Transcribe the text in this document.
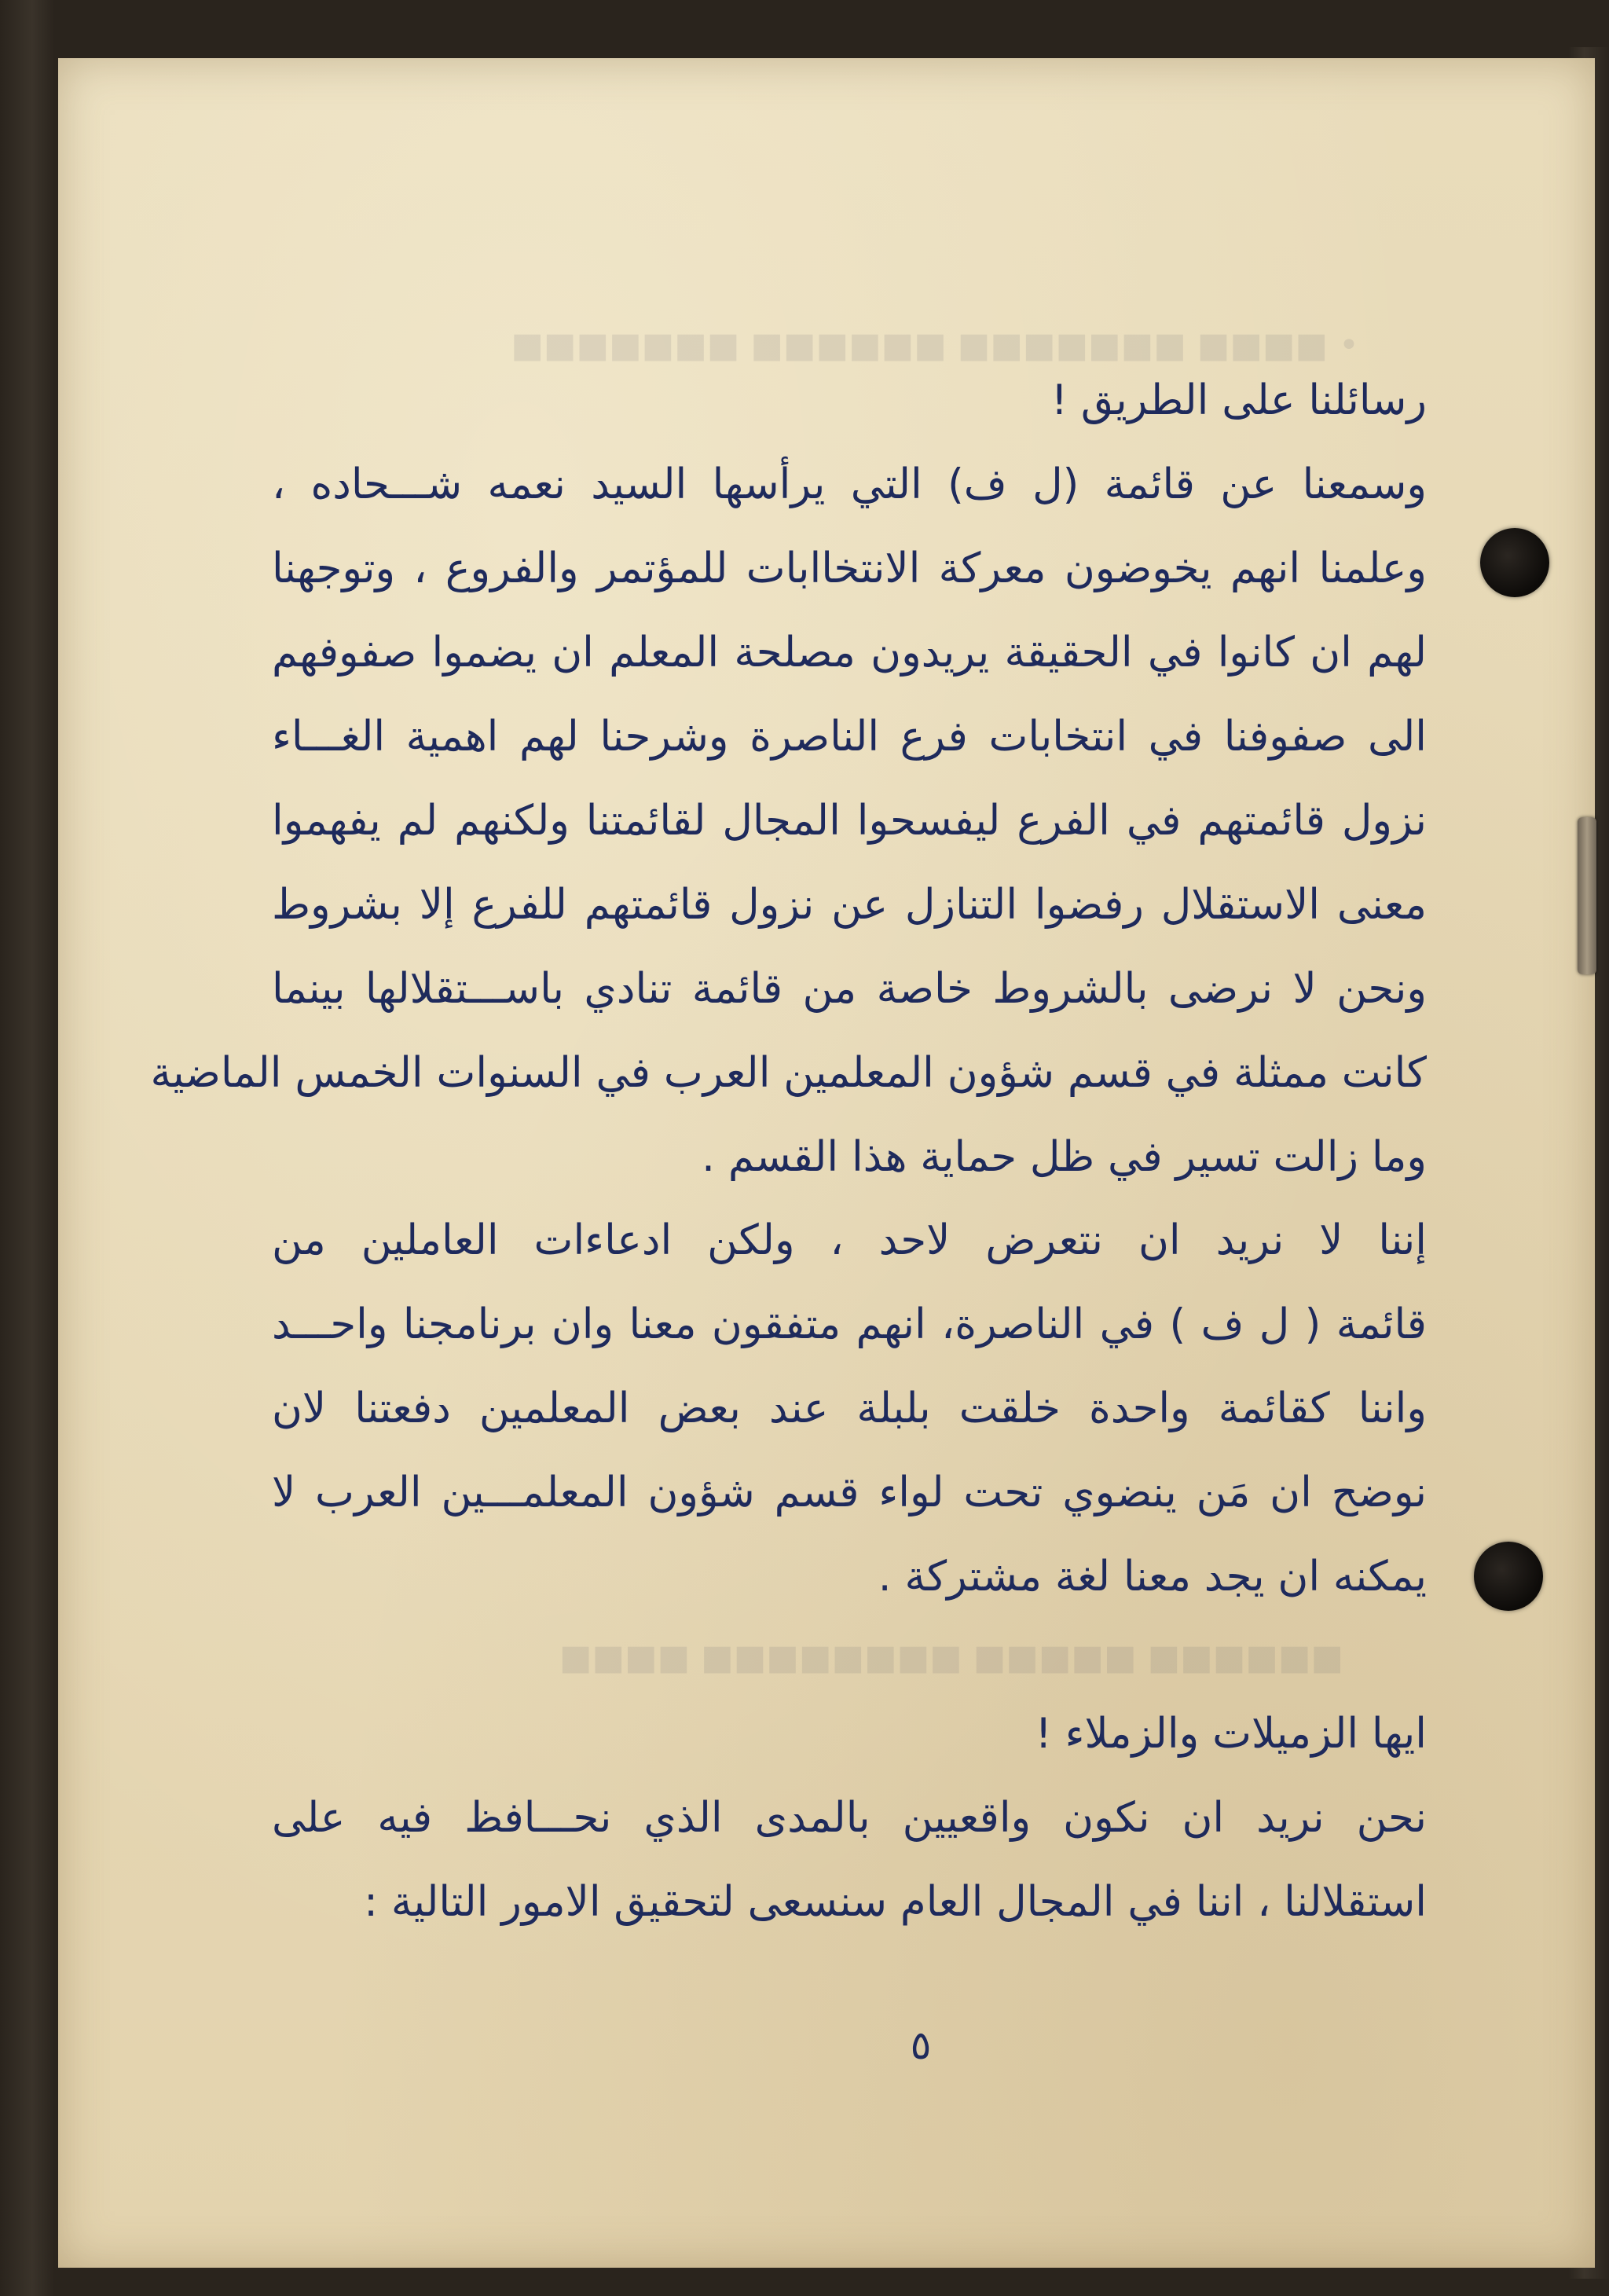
• ■■■■ ■■■■■■■ ■■■■■■ ■■■■■■■
■■■■■■ ■■■■■ ■■■■■■■■ ■■■■
رسائلنا على الطريق !
وسمعنا عن قائمة (ل ف) التي يرأسها السيد نعمه شـــحاده ،
وعلمنا انهم يخوضون معركة الانتخاابات للمؤتمر والفروع ، وتوجهنا
لهم ان كانوا في الحقيقة يريدون مصلحة المعلم ان يضموا صفوفهم
الى صفوفنا في انتخابات فرع الناصرة وشرحنا لهم اهمية الغـــاء
نزول قائمتهم في الفرع ليفسحوا المجال لقائمتنا ولكنهم لم يفهموا
معنى الاستقلال رفضوا التنازل عن نزول قائمتهم للفرع إلا بشروط
ونحن لا نرضى بالشروط خاصة من قائمة تنادي باســـتقلالها بينما
كانت ممثلة في قسم شؤون المعلمين العرب في السنوات الخمس الماضية
وما زالت تسير في ظل حماية هذا القسم .
إننا لا نريد ان نتعرض لاحد ، ولكن ادعاءات العاملين من
قائمة ( ل ف ) في الناصرة، انهم متفقون معنا وان برنامجنا واحـــد
واننا كقائمة واحدة خلقت بلبلة عند بعض المعلمين دفعتنا لان
نوضح ان مَن ينضوي تحت لواء قسم شؤون المعلمـــين العرب لا
يمكنه ان يجد معنا لغة مشتركة .
ايها الزميلات والزملاء !
نحن نريد ان نكون واقعيين بالمدى الذي نحـــافظ فيه على
استقلالنا ، اننا في المجال العام سنسعى لتحقيق الامور التالية :
٥
